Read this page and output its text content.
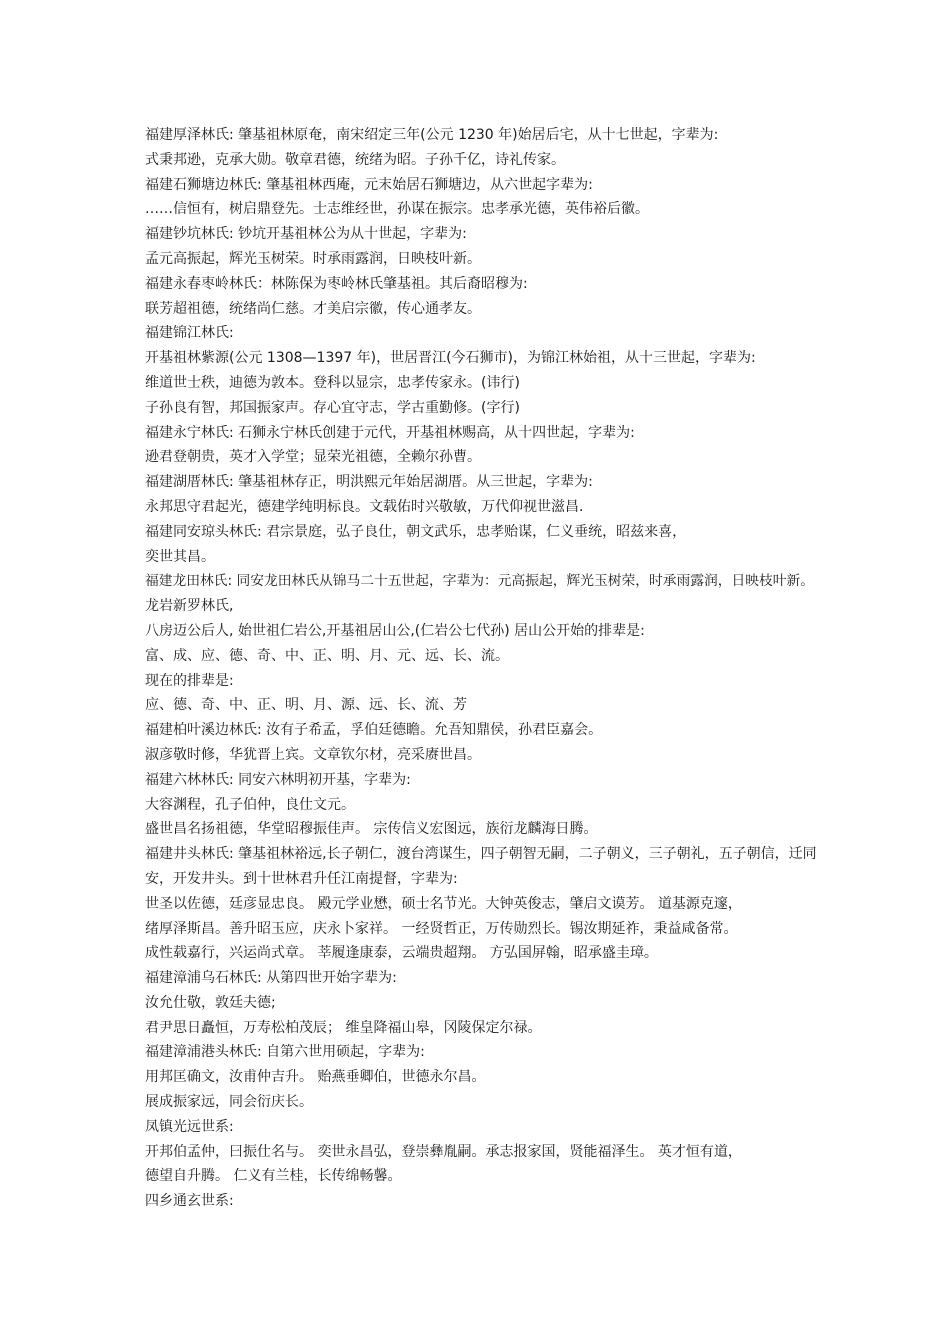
福建厚泽林氏: 肇基祖林原奄，南宋绍定三年(公元 1230 年)始居后宅，从十七世起，字辈为:
式秉邦逊，克承大勋。敬章君德，统绪为昭。子孙千亿，诗礼传家。
福建石狮塘边林氏: 肇基祖林西庵，元末始居石狮塘边，从六世起字辈为:
……信恒有，树启鼎登先。士志维经世，孙谋在振宗。忠孝承光德，英伟裕后徽。
福建钞坑林氏: 钞坑开基祖林公为从十世起，字辈为:
孟元高振起，辉光玉树荣。时承雨露润，日映枝叶新。
福建永春枣岭林氏：林陈保为枣岭林氏肇基祖。其后裔昭穆为:
联芳超祖德，统绪尚仁慈。才美启宗徽，传心通孝友。
福建锦江林氏:
开基祖林紫源(公元 1308—1397 年)，世居晋江(今石狮市)，为锦江林始祖，从十三世起，字辈为:
维道世士秩，迪德为敦本。登科以显宗，忠孝传家永。(讳行)
子孙良有智，邦国振家声。存心宜守志，学古重勤修。(字行)
福建永宁林氏: 石狮永宁林氏创建于元代，开基祖林赐高，从十四世起，字辈为:
逊君登朝贵，英才入学堂；显荣光祖德，全赖尔孙曹。
福建湖厝林氏: 肇基祖林存正，明洪熙元年始居湖厝。从三世起，字辈为:
永邦思守君起光，德建学纯明标良。文载佑时兴敬敏，万代仰视世滋昌.
福建同安琼头林氏: 君宗景庭，弘子良仕，朝文武乐，忠孝贻谋，仁义垂统，昭兹来喜，
奕世其昌。
福建龙田林氏: 同安龙田林氏从锦马二十五世起，字辈为：元高振起，辉光玉树荣，时承雨露润，日映枝叶新。
龙岩新罗林氏,
八房迈公后人, 始世祖仁岩公,开基祖居山公,(仁岩公七代孙) 居山公开始的排辈是:
富、成、应、德、奇、中、正、明、月、元、远、长、流。
现在的排辈是:
应、德、奇、中、正、明、月、源、远、长、流、芳
福建柏叶溪边林氏: 汝有子希孟，孚伯廷德瞻。允吾知鼎侯，孙君臣嘉会。
淑彦敬时修，华犹晋上宾。文章钦尔材，亮采赓世昌。
福建六林林氏: 同安六林明初开基，字辈为:
大容渊程，孔子伯仲，良仕文元。
盛世昌名扬祖德，华堂昭穆振佳声。 宗传信义宏图远，族衍龙麟海日腾。
福建井头林氏: 肇基祖林裕远,长子朝仁，渡台湾谋生，四子朝智无嗣，二子朝义，三子朝礼，五子朝信，迁同
安，开发井头。到十世林君升任江南提督，字辈为:
世圣以佐德，廷彦显忠良。 殿元学业懋，硕士名节光。大钟英俊志，肇启文谟芳。 道基源克邃，
绪厚泽斯昌。善升昭玉应，庆永卜家祥。 一经贤哲正，万传勋烈长。锡汝期延祚，秉益咸备常。
成性载嘉行，兴运尚式章。 莘履逢康泰，云端贵超翔。 方弘国屏翰，昭承盛圭璋。
福建漳浦乌石林氏: 从第四世开始字辈为:
汝允仕敬，敦廷夫德;
君尹思日矗恒，万寿松柏茂辰； 维皇降福山皋，冈陵保定尔禄。
福建漳浦港头林氏: 自第六世用硕起，字辈为:
用邦匡确文，汝甫仲吉升。 贻燕垂卿伯，世德永尔昌。
展成振家远，同会衍庆长。
凤镇光远世系:
开邦伯孟仲，曰振仕名与。 奕世永昌弘，登崇彝胤嗣。承志报家国，贤能福泽生。 英才恒有道，
德望自升腾。 仁义有兰桂，长传绵畅馨。
四乡通玄世系:
